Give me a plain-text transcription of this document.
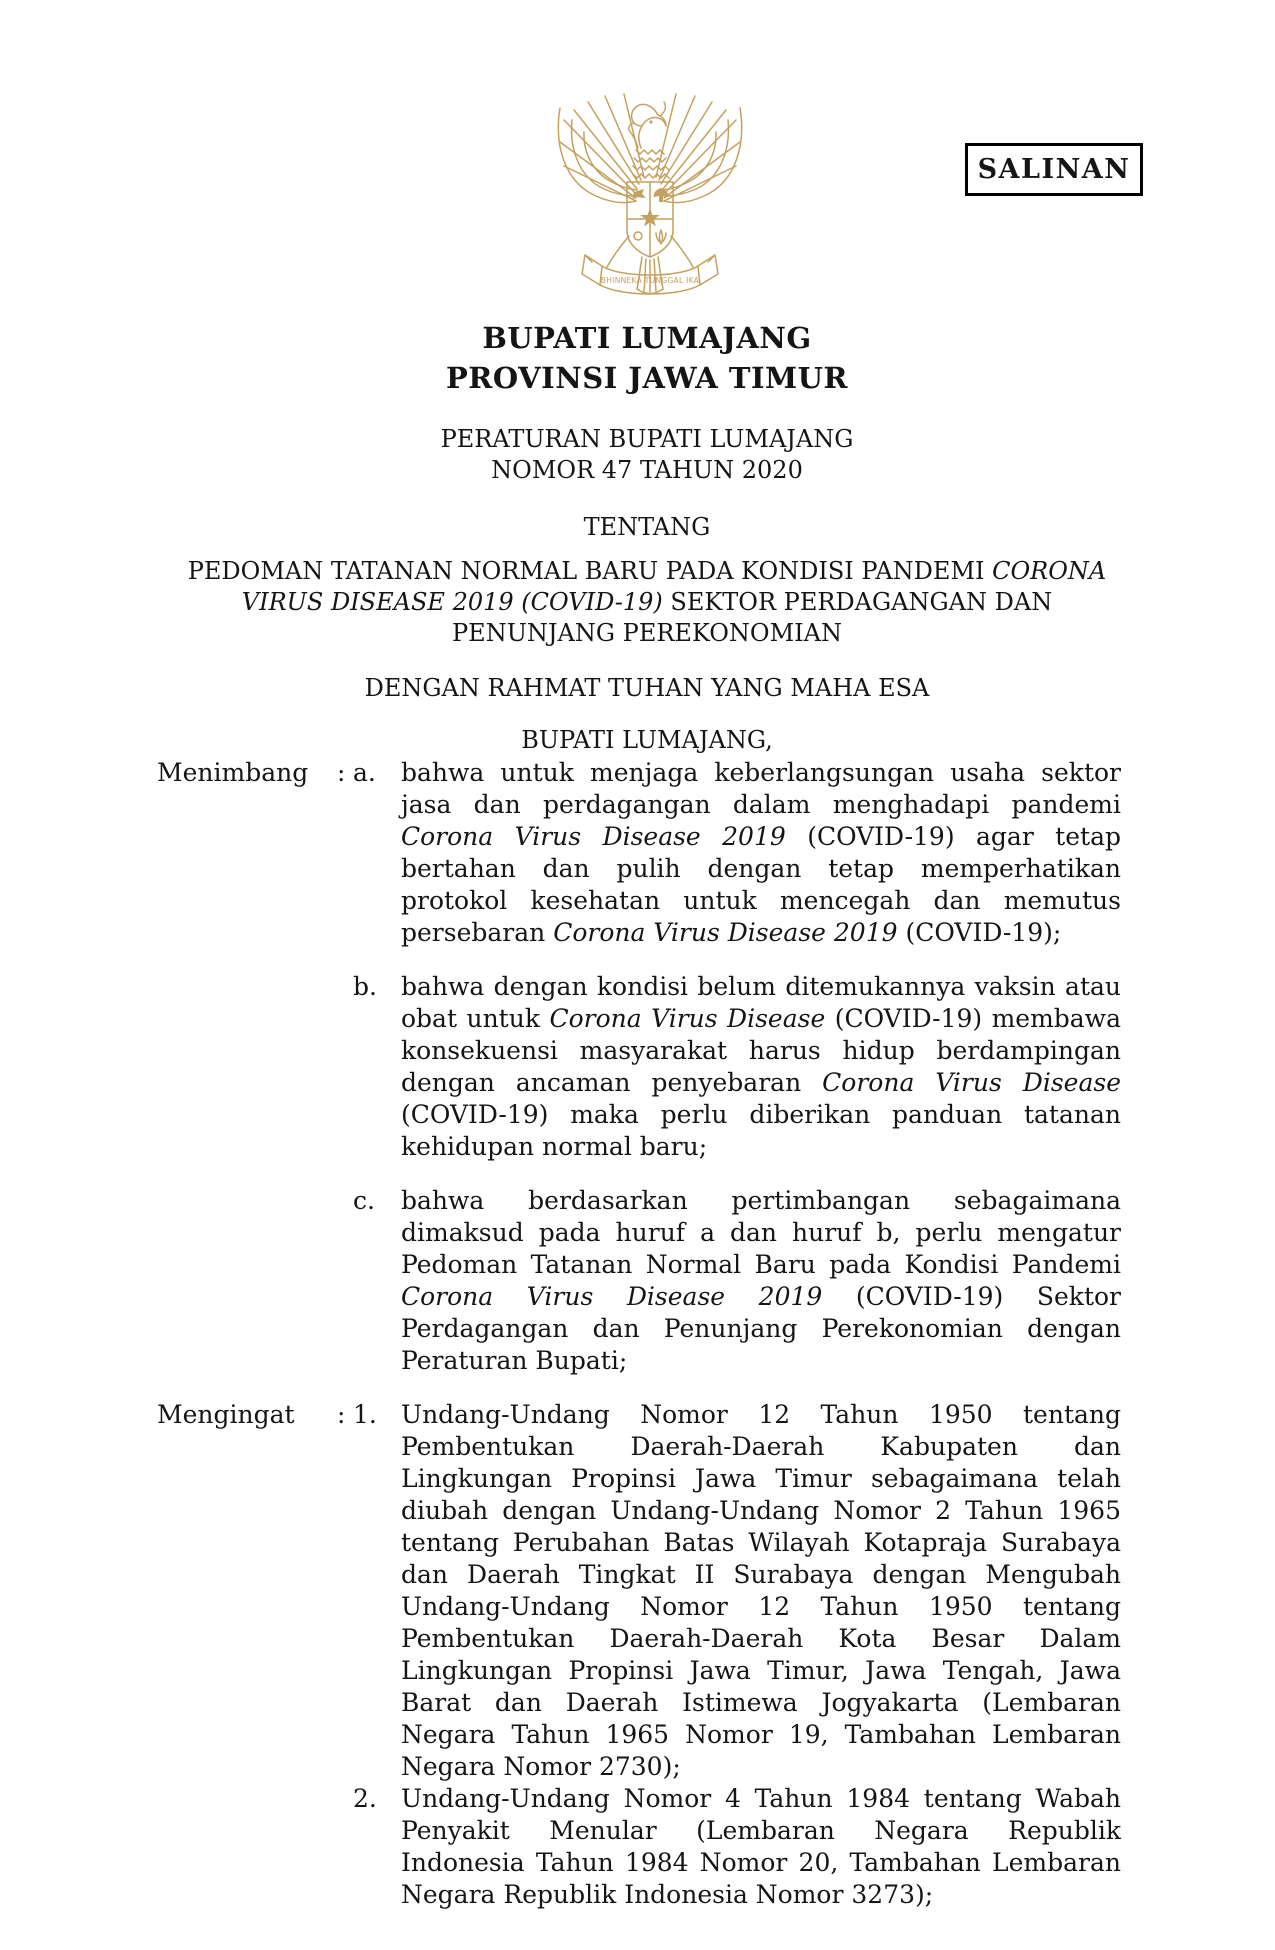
SALINAN
BHINNEKA TUNGGAL IKA
BUPATI LUMAJANG
PROVINSI JAWA TIMUR
PERATURAN BUPATI LUMAJANG
NOMOR 47 TAHUN 2020
TENTANG
PEDOMAN TATANAN NORMAL BARU PADA KONDISI PANDEMI CORONA VIRUS DISEASE 2019 (COVID-19) SEKTOR PERDAGANGAN DAN PENUNJANG PEREKONOMIAN
DENGAN RAHMAT TUHAN YANG MAHA ESA
BUPATI LUMAJANG,
Menimbang	: a.	bahwa untuk menjaga keberlangsungan usaha sektor jasa dan perdagangan dalam menghadapi pandemi Corona Virus Disease 2019 (COVID-19) agar tetap bertahan dan pulih dengan tetap memperhatikan protokol kesehatan untuk mencegah dan memutus persebaran Corona Virus Disease 2019 (COVID-19);
b. bahwa dengan kondisi belum ditemukannya vaksin atau obat untuk Corona Virus Disease (COVID-19) membawa konsekuensi masyarakat harus hidup berdampingan dengan ancaman penyebaran Corona Virus Disease (COVID-19) maka perlu diberikan panduan tatanan kehidupan normal baru;
c.	bahwa berdasarkan pertimbangan sebagaimana dimaksud pada huruf a dan huruf b, perlu mengatur Pedoman Tatanan Normal Baru pada Kondisi Pandemi Corona Virus Disease 2019 (COVID-19) Sektor Perdagangan dan Penunjang Perekonomian dengan Peraturan Bupati;
Mengingat	: 1. Undang-Undang Nomor 12 Tahun 1950 tentang Pembentukan Daerah-Daerah Kabupaten dan Lingkungan Propinsi Jawa Timur sebagaimana telah diubah dengan Undang-Undang Nomor 2 Tahun 1965 tentang Perubahan Batas Wilayah Kotapraja Surabaya dan Daerah Tingkat II Surabaya dengan Mengubah Undang-Undang Nomor 12 Tahun 1950 tentang Pembentukan Daerah-Daerah Kota Besar Dalam Lingkungan Propinsi Jawa Timur, Jawa Tengah, Jawa Barat dan Daerah Istimewa Jogyakarta (Lembaran Negara Tahun 1965 Nomor 19, Tambahan Lembaran Negara Nomor 2730);
2. Undang-Undang Nomor 4 Tahun 1984 tentang Wabah Penyakit Menular (Lembaran Negara Republik Indonesia Tahun 1984 Nomor 20, Tambahan Lembaran Negara Republik Indonesia Nomor 3273);
